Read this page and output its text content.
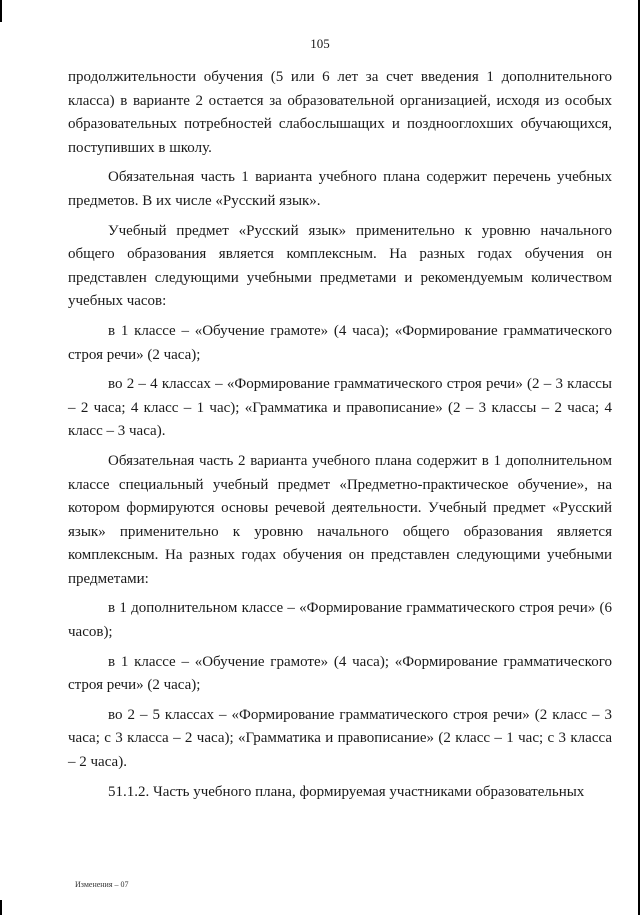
105

продолжительности обучения (5 или 6 лет за счет введения 1 дополнительного класса) в варианте 2 остается за образовательной организацией, исходя из особых образовательных потребностей слабослышащих и позднооглохших обучающихся, поступивших в школу.

Обязательная часть 1 варианта учебного плана содержит перечень учебных предметов. В их числе «Русский язык».

Учебный предмет «Русский язык» применительно к уровню начального общего образования является комплексным. На разных годах обучения он представлен следующими учебными предметами и рекомендуемым количеством учебных часов:

в 1 классе – «Обучение грамоте» (4 часа); «Формирование грамматического строя речи» (2 часа);

во 2 – 4 классах – «Формирование грамматического строя речи» (2 – 3 классы – 2 часа; 4 класс – 1 час); «Грамматика и правописание» (2 – 3 классы – 2 часа; 4 класс – 3 часа).

Обязательная часть 2 варианта учебного плана содержит в 1 дополнительном классе специальный учебный предмет «Предметно-практическое обучение», на котором формируются основы речевой деятельности. Учебный предмет «Русский язык» применительно к уровню начального общего образования является комплексным. На разных годах обучения он представлен следующими учебными предметами:

в 1 дополнительном классе – «Формирование грамматического строя речи» (6 часов);

в 1 классе – «Обучение грамоте» (4 часа); «Формирование грамматического строя речи» (2 часа);

во 2 – 5 классах – «Формирование грамматического строя речи» (2 класс – 3 часа; с 3 класса – 2 часа); «Грамматика и правописание» (2 класс – 1 час; с 3 класса – 2 часа).

51.1.2. Часть учебного плана, формируемая участниками образовательных

Изменения – 07
